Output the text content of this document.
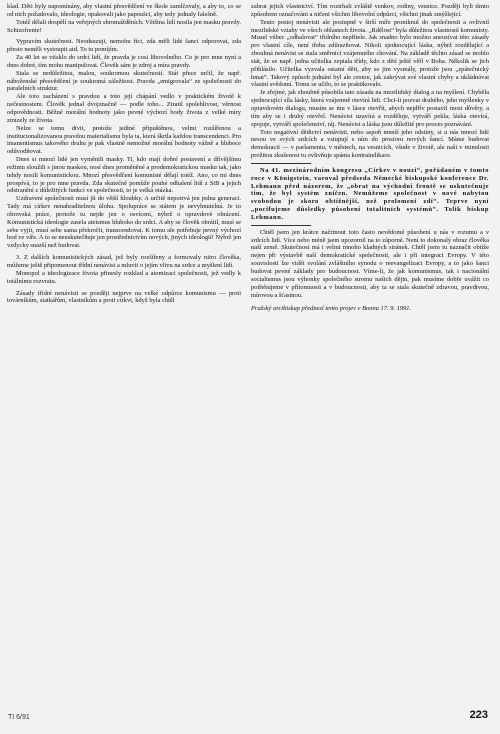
klad. Děti byly napomínány, aby vlastní přesvědčení ve škole zamlčovaly, a aby to, co se od nich požadovalo, ideologie, opakovali jako papoušci, aby tedy jednaly falešně.

Totéž dělali dospělí na veřejných shromážděních. Většina lidí nosila jen masku pravdy. Schizofrenie!

Vypravím skutečnost. Neodsuzuji, nemohu říci, zda měli lidé šanci odporovat, zda přesto neměli vystoupit atd. To tu pomíjím.

Za 40 let se vtisklo do srdcí lidí, že pravda je cosi libovolného. Co je pro mne nyní a dnes dobré, tím mohu manipulovat. Člověk sám je zdroj a míra pravdy.

Stala se nedůležitou, malou, soukromou skutečností. Stát přece určil, že např. náboženské přesvědčení je soukromá záležitost. Pravda „emigrovala“ ze společnosti do paralelních struktur.

Ale toto zacházení s pravdou a toto její chápání vedlo v praktickém životě k nečestnostem. Člověk jednal dvojznačně — podle toho... Ztratil spolehlivost, věrnost odpovědnosti. Běžné morální hodnoty jako pevné výchozí body života z velké míry zmizely ze života.

Nelze se tomu divit, protože jediné připuštěnou, velmi rozšířenou a institucionalizovanou pravdou materialismu byla ta, která škrtla každou transcendenci. Pro imanentismus takového druhu je pak vlastně nemožné morální hodnoty vážně a hluboce odůvodňovat.

Dnes si mnozí lidé jen vyměnili masky. Ti, kdo mají dobré postavení a dřívějšímu režimu sloužili s jinou maskou, nosí dnes proměněné a prodemokratickou masku tak, jako tehdy nosili komunistickou. Mnozí přesvědčení komunisté dělají totéž. Ano, co mi dnes prospívá, to je pro mne pravda. Zda skutečně pomůže pouhé odhalení lidí z StB a jejich odstranění z důležitých funkcí ve společnosti, to je velká otázka.

Uzdravení společnosti musí jít do větší hloubky. A určitě nepotrvá jen jedna generaci. Tady má církev nenahraditelnou úlohu. Spolupráce se státem je nevyhnutelná. Je to obrovská práce, protože tu nejde jen o osvícení, nýbrž o opravdové obrácení. Komunistická ideologie zasela ateismus hluboko do srdcí. A aby se člověk obrátil, musí se sebe vyjít, musí sebe sama překročit, transcendovat. K tomu ale potřebuje pevný výchozí bod ve víře. A to se neuskutečňuje jen prostřednictvím nových, jiných ideologií! Nýbrž jen vzdycky snazší než budovat.

3. Z dalších komunistických zásad, jež byly rozšířeny a formovaly nitro člověka, můžeme ještě připomenout třídní nenávist a mluvit o jejím vlivu na srdce a myšlení lidí.

Monopol a ideologizace života přinesly rozklad a atomizaci společnosti, jež vedly k totálnímu rozvratu.

Zásady třídní nenávisti se později nejprve na velké odpůrce komunismu — proti továrníkům, statkářům, vlastníkům a proti církvi, když byla chtěl

zabrat jejich vlastnictví. Tím roztrhali zvláště venkov, rodiny, vesnice. Později byli tímto způsobem označováni a ničeni všichni libovolní odpůrci, všichni jinak smýšlející.

Tento postoj nenávisti ale postupně v širší míře proniknul do společnosti a ovlivnil mezilidské vztahy ve všech oblastech života. „Rdělost“ byla důležitou vlastností komunisty. Musel vůbec „odhalovat“ třídního nepřítele. Jak snadno bylo možno aneuzívat této zásady pro vlastní cíle, není třeba zdůrazňovat. Nikoli sjednocující láska, nýbrž rozdělující a zbouhná nenávist se stala směrnicí vzájemného chování. Na základě těchto zásad se mohlo stát, že se např. jedna učitelka zeptala třídy, kdo z dětí ještě věří v Boha. Několik se jich přihlásilo. Učitelka vyzvala ostatní děti, aby se jim vysmály, protože jsou „zpátečnický hmat“. Takový způsob jednání byl ale cestou, jak zakrývat své vlastní chyby a ukládnávat vlastní svědomí. Tomu se učilo, to se praktikovalo.

Je zřejmé, jak zhoubně působila tato zásada na mezilidský dialog a na myšlení. Chyběla sjednocující síla lásky, která vzájemně otevírá lidi. Chci-li pozvat druhého, jeho myšlenky v opravdovém dialogu, musím se mu v lásce otevřít, abych nejdřív postavil most důvěry, a tím aby se i druhý otevřel. Nenávist uzavírá a rozděluje, vytváří pekla; láska otevírá, spojuje, vytváří společenství, ráj. Nenávist a láska jsou důležité pro proces poznávání.

Toto negativní dědictví nenávisti, nebo aspoň menší jeho odstíny, si u nás mnozí lidé nesou ve svých srdcích a vstupují s ním do prostoru nových šancí. Máme budovat demokracii — v parlamentu, v městech, na vesnicích, všude v životě, ale naši v minulosti prožitou zkušenost tu ovlivňuje spánta kontraindikace.

Na 41. mezinárodním kongresu „Církev v nouzi“, pořádaném v tomto roce v Königstein, varoval předseda Německé biskupské konference Dr. Lehmann před názorem, že „obrat na východní frontě se uskutečnuje tím, že byl systém zničen. Nemůžeme společnost v nové nabytou svobodou je skoro obtížnější, než prolomení zdí“. Teprve nyní „pocifujeme důsledky působení totalitních systémů“. Tolik biskup Lehmann.

Chtěl jsem jen krátce načrtnout toto často nevědomé působení u nás v rozumu a v srdcích lidí. Více nebo méně jsem upozornil na to záporné. Není to dokonalý obraz člověka naší země. Skutečnost má i velmi mnoho kladných stránek. Chtěl jsem tu naznačit obtíže nejen při výstavbě naší demokratické společnosti, ale i při integraci Evropy. V této souvislosti lze vidět svolání zvláštního synodu o reevangelizaci Evropy, a to jako šanci budovat pevné základy pro budoucnost. Víme-li, že jak komunismus, tak i nacionální socialismus jsou výhonky společného stromu našich dějin, pak musíme dobře uvážit co potřebujeme v přítomnosti a v budoucnosti, aby ta se stala skutečně zdravou, pravdivou, mírovou a šťastnou.

Pražský arcibiskup přednesl tento projev v Bonnu 17. 9. 1991.

TI 6/91	223
